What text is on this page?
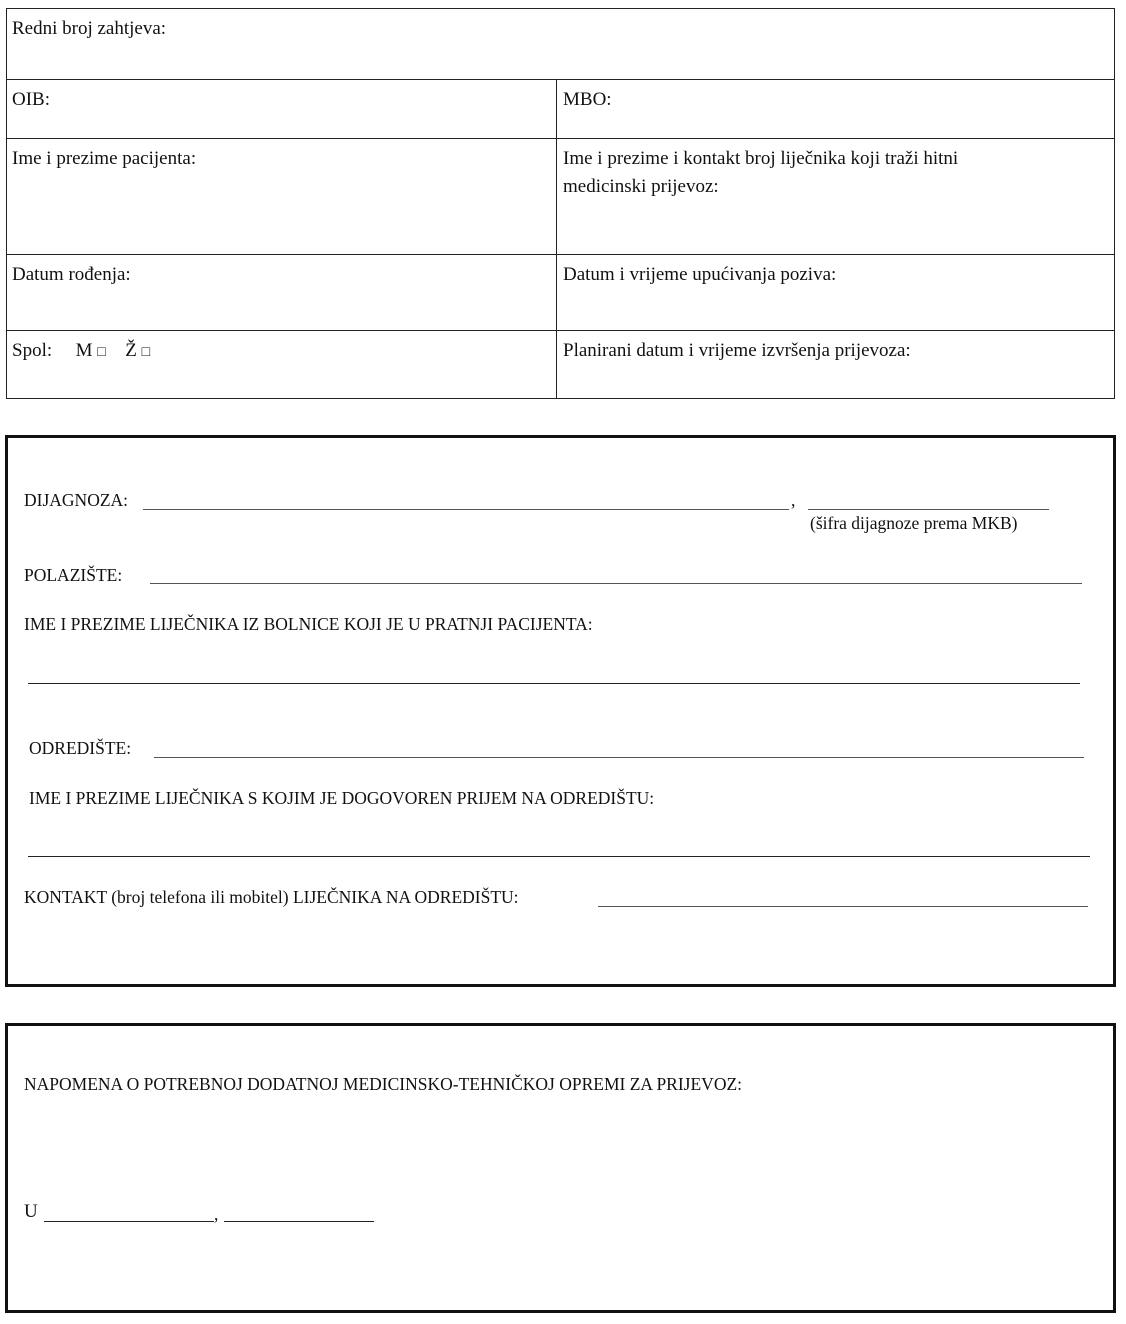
Redni broj zahtjeva:
OIB:	MBO:
Ime i prezime pacijenta:	Ime i prezime i kontakt broj liječnika koji traži hitni medicinski prijevoz:
Datum rođenja:	Datum i vrijeme upućivanja poziva:
Spol: M □ Ž □	Planirani datum i vrijeme izvršenja prijevoza:
DIJAGNOZA:	,
(šifra dijagnoze prema MKB)
POLAZIŠTE:
IME I PREZIME LIJEČNIKA IZ BOLNICE KOJI JE U PRATNJI PACIJENTA:
ODREDIŠTE:
IME I PREZIME LIJEČNIKA S KOJIM JE DOGOVOREN PRIJEM NA ODREDIŠTU:
KONTAKT (broj telefona ili mobitel) LIJEČNIKA NA ODREDIŠTU:
NAPOMENA O POTREBNOJ DODATNOJ MEDICINSKO-TEHNIČKOJ OPREMI ZA PRIJEVOZ:
U	,
